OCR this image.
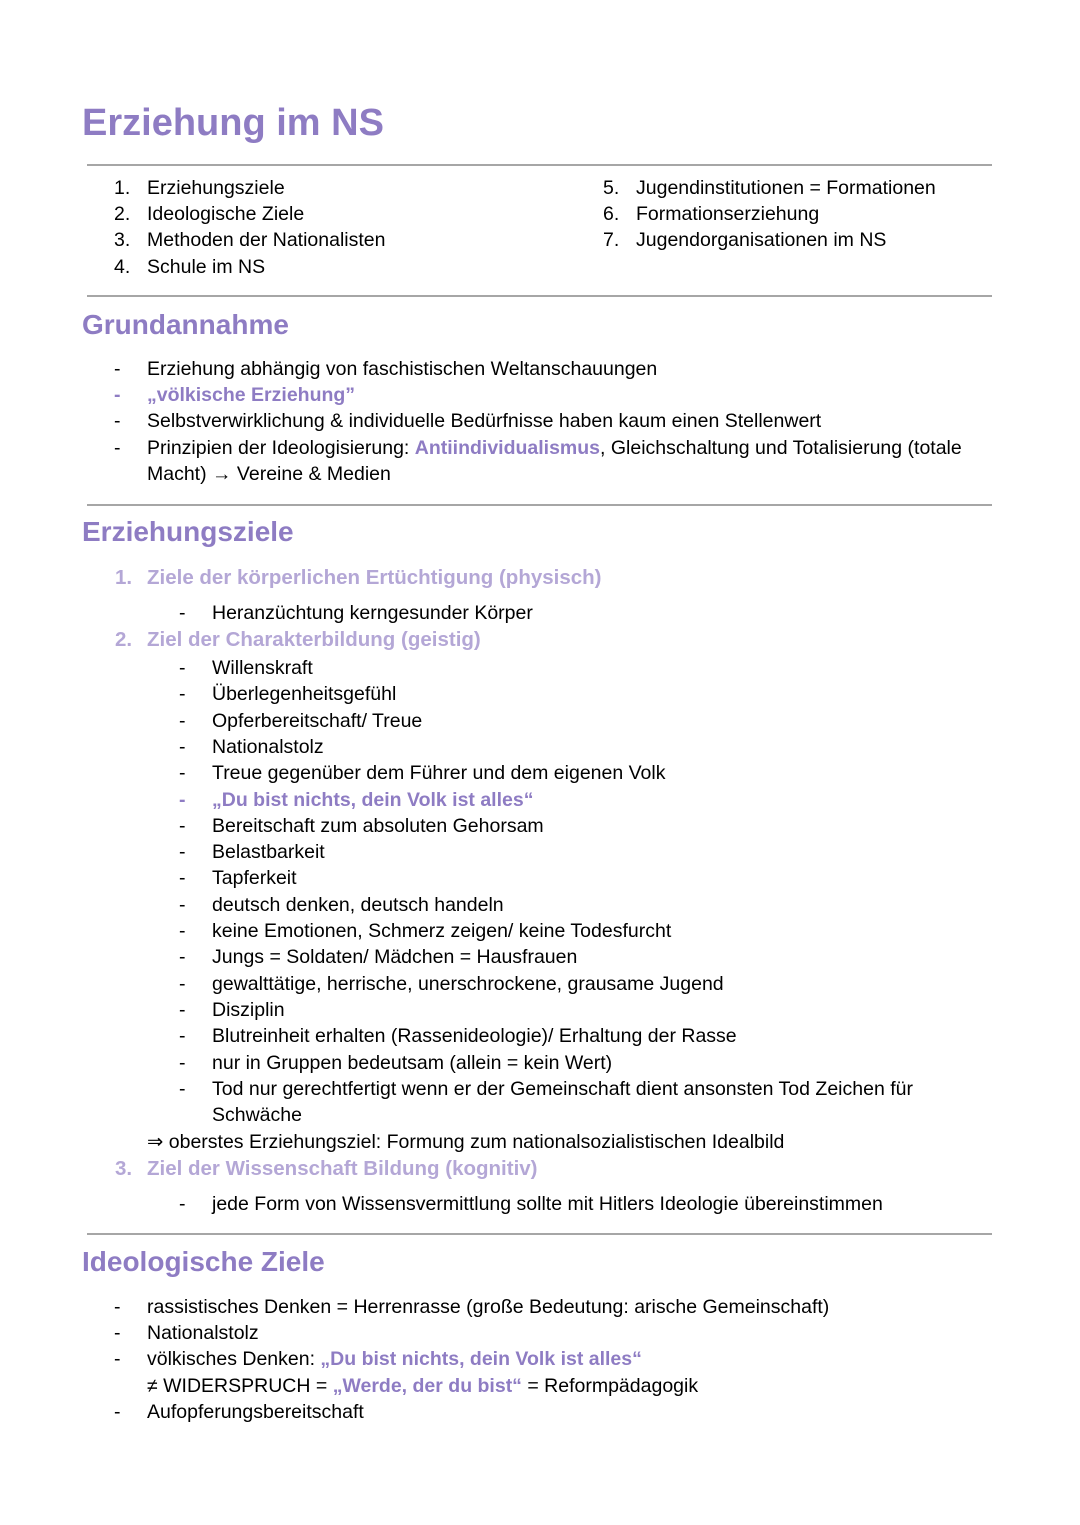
Erziehung im NS
1. Erziehungsziele
2. Ideologische Ziele
3. Methoden der Nationalisten
4. Schule im NS
5. Jugendinstitutionen = Formationen
6. Formationserziehung
7. Jugendorganisationen im NS
Grundannahme
- Erziehung abhängig von faschistischen Weltanschauungen
- „völkische Erziehung”
- Selbstverwirklichung & individuelle Bedürfnisse haben kaum einen Stellenwert
- Prinzipien der Ideologisierung: Antiindividualismus, Gleichschaltung und Totalisierung (totale
Macht) → Vereine & Medien
Erziehungsziele
1. Ziele der körperlichen Ertüchtigung (physisch)
- Heranzüchtung kerngesunder Körper
2. Ziel der Charakterbildung (geistig)
- Willenskraft
- Überlegenheitsgefühl
- Opferbereitschaft/ Treue
- Nationalstolz
- Treue gegenüber dem Führer und dem eigenen Volk
- „Du bist nichts, dein Volk ist alles“
- Bereitschaft zum absoluten Gehorsam
- Belastbarkeit
- Tapferkeit
- deutsch denken, deutsch handeln
- keine Emotionen, Schmerz zeigen/ keine Todesfurcht
- Jungs = Soldaten/ Mädchen = Hausfrauen
- gewalttätige, herrische, unerschrockene, grausame Jugend
- Disziplin
- Blutreinheit erhalten (Rassenideologie)/ Erhaltung der Rasse
- nur in Gruppen bedeutsam (allein = kein Wert)
- Tod nur gerechtfertigt wenn er der Gemeinschaft dient ansonsten Tod Zeichen für
Schwäche
⇒ oberstes Erziehungsziel: Formung zum nationalsozialistischen Idealbild
3. Ziel der Wissenschaft Bildung (kognitiv)
- jede Form von Wissensvermittlung sollte mit Hitlers Ideologie übereinstimmen
Ideologische Ziele
- rassistisches Denken = Herrenrasse (große Bedeutung: arische Gemeinschaft)
- Nationalstolz
- völkisches Denken: „Du bist nichts, dein Volk ist alles“
≠ WIDERSPRUCH = „Werde, der du bist“ = Reformpädagogik
- Aufopferungsbereitschaft
